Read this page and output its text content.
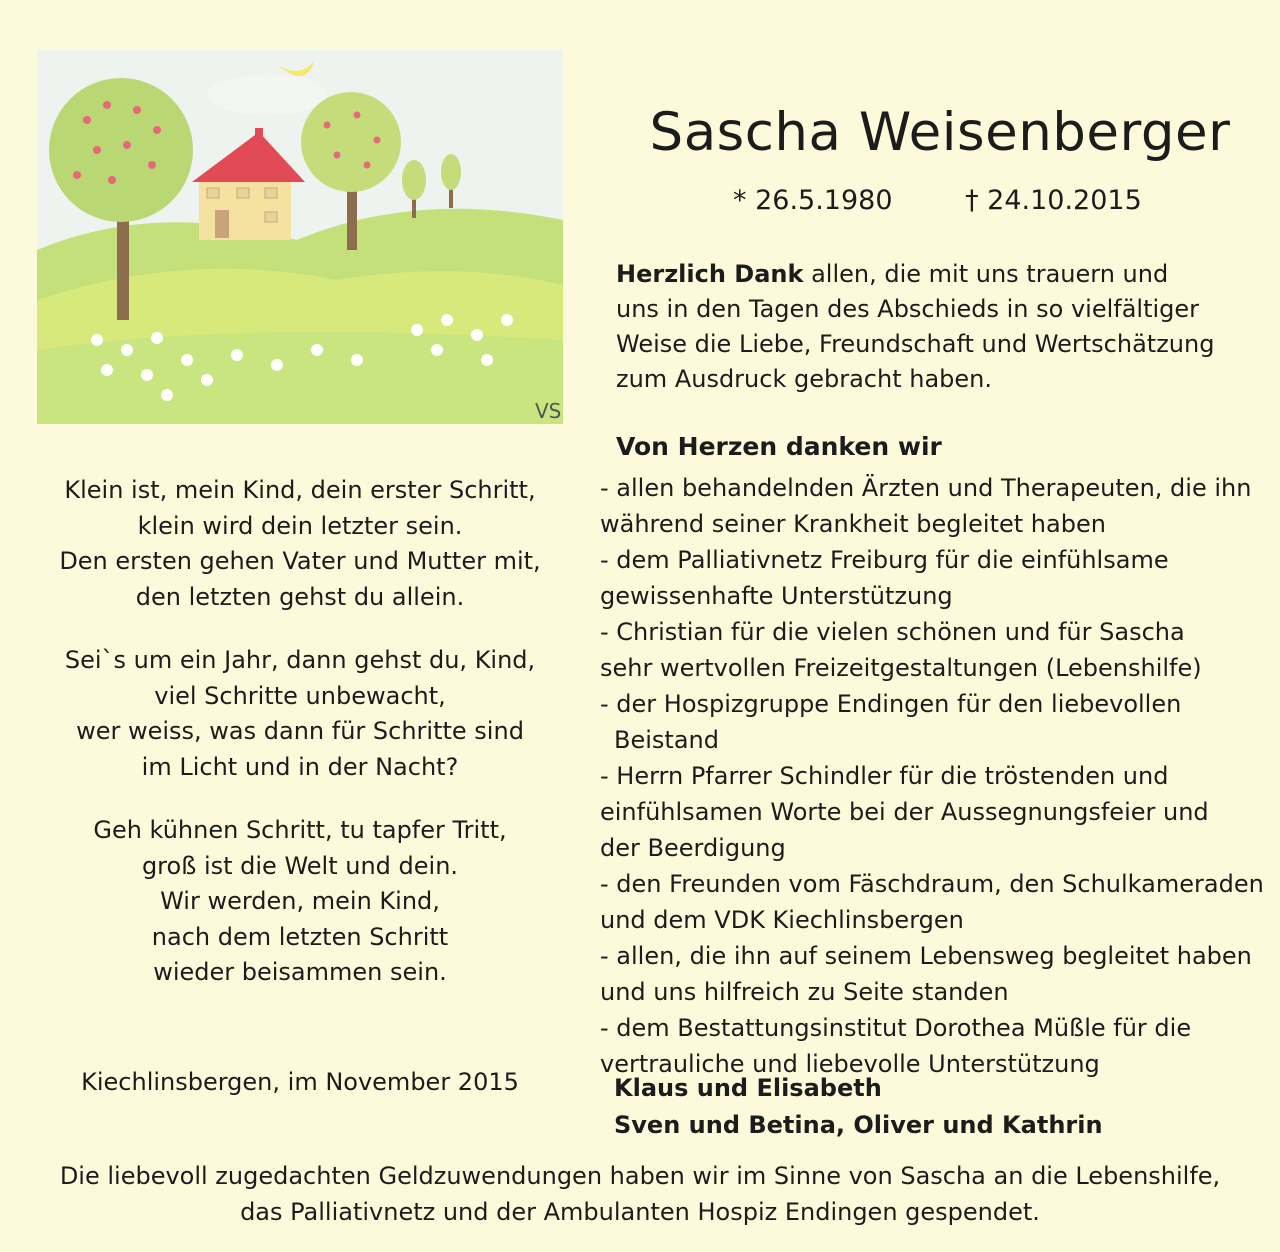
VS
Sascha Weisenberger
* 26.5.1980	† 24.10.2015
Herzlich Dank allen, die mit uns trauern und
uns in den Tagen des Abschieds in so vielfältiger
Weise die Liebe, Freundschaft und Wertschätzung
zum Ausdruck gebracht haben.
Von Herzen danken wir
- allen behandelnden Ärzten und Therapeuten, die ihn
während seiner Krankheit begleitet haben
- dem Palliativnetz Freiburg für die einfühlsame
gewissenhafte Unterstützung
- Christian für die vielen schönen und für Sascha
sehr wertvollen Freizeitgestaltungen (Lebenshilfe)
- der Hospizgruppe Endingen für den liebevollen Beistand
- Herrn Pfarrer Schindler für die tröstenden und
einfühlsamen Worte bei der Aussegnungsfeier und
der Beerdigung
- den Freunden vom Fäschdraum, den Schulkameraden
und dem VDK Kiechlinsbergen
- allen, die ihn auf seinem Lebensweg begleitet haben
und uns hilfreich zu Seite standen
- dem Bestattungsinstitut Dorothea Müßle für die
vertrauliche und liebevolle Unterstützung

Klein ist, mein Kind, dein erster Schritt,
klein wird dein letzter sein.
Den ersten gehen Vater und Mutter mit,
den letzten gehst du allein.

Sei`s um ein Jahr, dann gehst du, Kind,
viel Schritte unbewacht,
wer weiss, was dann für Schritte sind
im Licht und in der Nacht?

Geh kühnen Schritt, tu tapfer Tritt,
groß ist die Welt und dein.
Wir werden, mein Kind,
nach dem letzten Schritt
wieder beisammen sein.

Kiechlinsbergen, im November 2015	Klaus und Elisabeth
Sven und Betina, Oliver und Kathrin
Die liebevoll zugedachten Geldzuwendungen haben wir im Sinne von Sascha an die Lebenshilfe,
das Palliativnetz und der Ambulanten Hospiz Endingen gespendet.
